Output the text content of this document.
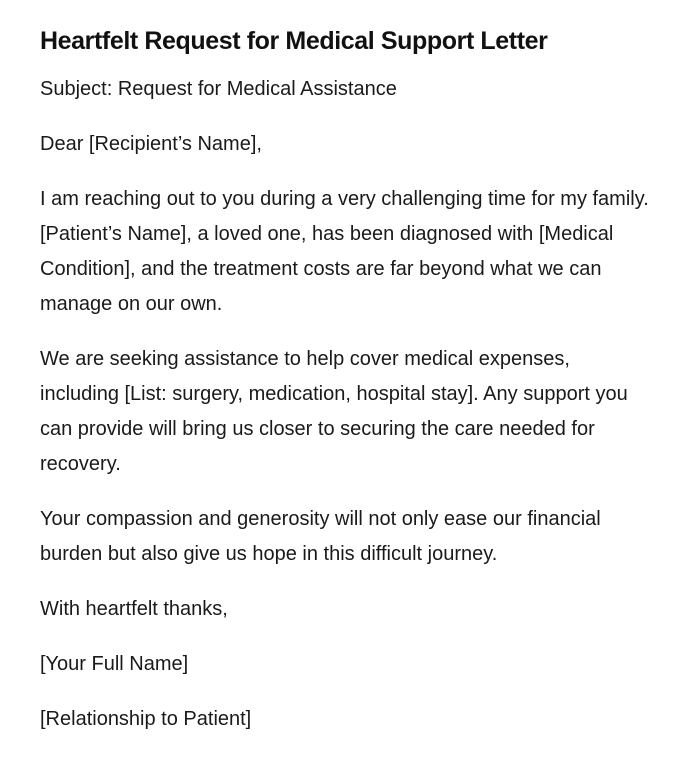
Heartfelt Request for Medical Support Letter

Subject: Request for Medical Assistance

Dear [Recipient’s Name],

I am reaching out to you during a very challenging time for my family. [Patient’s Name], a loved one, has been diagnosed with [Medical Condition], and the treatment costs are far beyond what we can manage on our own.

We are seeking assistance to help cover medical expenses, including [List: surgery, medication, hospital stay]. Any support you can provide will bring us closer to securing the care needed for recovery.

Your compassion and generosity will not only ease our financial burden but also give us hope in this difficult journey.

With heartfelt thanks,

[Your Full Name]

[Relationship to Patient]
